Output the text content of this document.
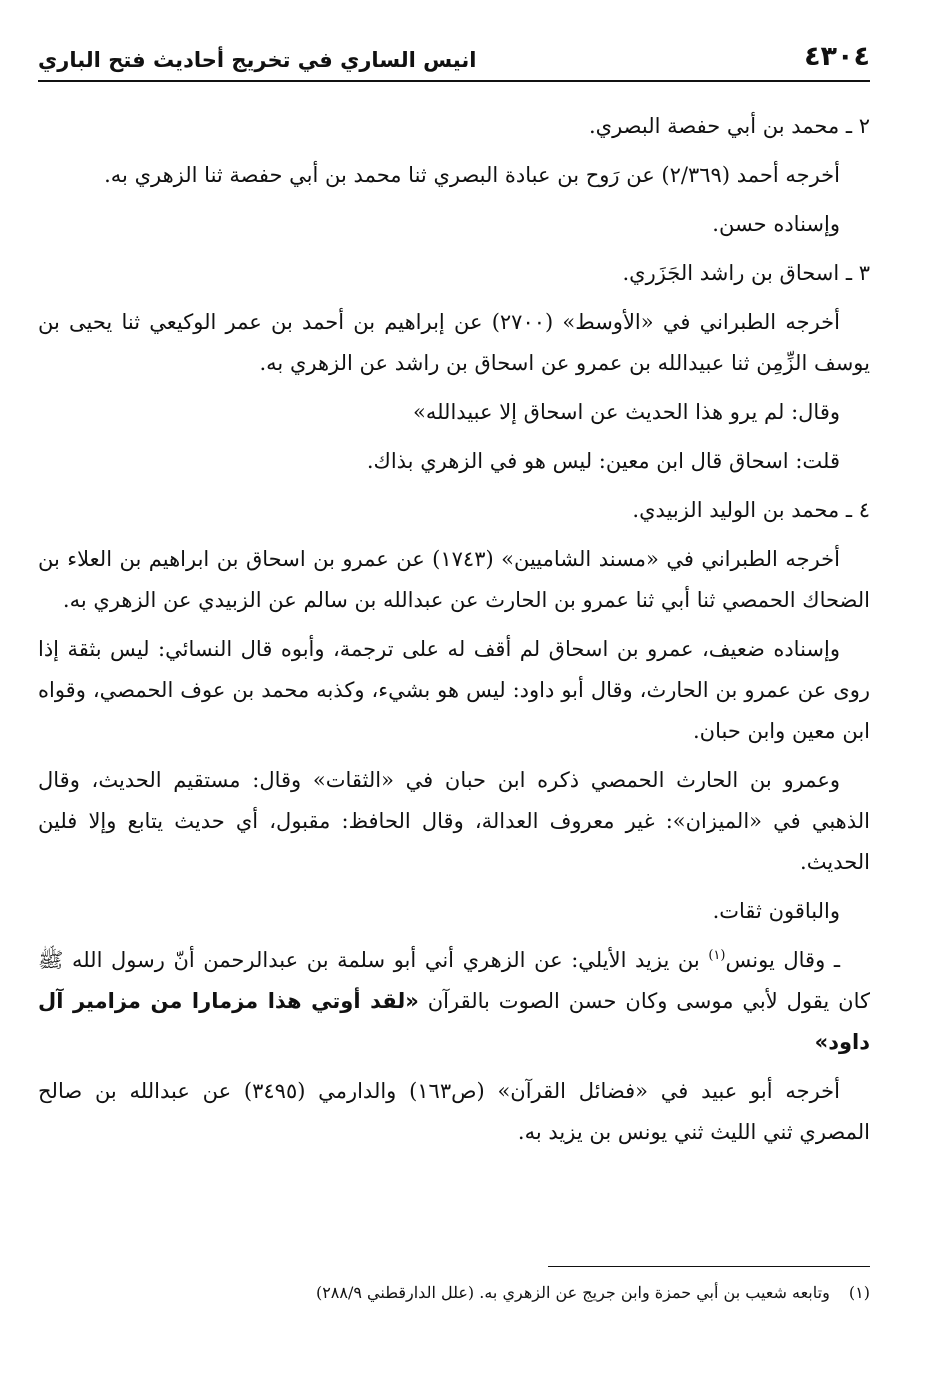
٤٣٠٤
انيس الساري في تخريج أحاديث فتح الباري

٢ ـ محمد بن أبي حفصة البصري.

أخرجه أحمد (٢/٣٦٩) عن رَوح بن عبادة البصري ثنا محمد بن أبي حفصة ثنا الزهري به.

وإسناده حسن.

٣ ـ اسحاق بن راشد الجَزَري.

أخرجه الطبراني في «الأوسط» (٢٧٠٠) عن إبراهيم بن أحمد بن عمر الوكيعي ثنا يحيى بن يوسف الزِّمِن ثنا عبيدالله بن عمرو عن اسحاق بن راشد عن الزهري به.

وقال: لم يرو هذا الحديث عن اسحاق إلا عبيدالله»

قلت: اسحاق قال ابن معين: ليس هو في الزهري بذاك.

٤ ـ محمد بن الوليد الزبيدي.

أخرجه الطبراني في «مسند الشاميين» (١٧٤٣) عن عمرو بن اسحاق بن ابراهيم بن العلاء بن الضحاك الحمصي ثنا أبي ثنا عمرو بن الحارث عن عبدالله بن سالم عن الزبيدي عن الزهري به.

وإسناده ضعيف، عمرو بن اسحاق لم أقف له على ترجمة، وأبوه قال النسائي: ليس بثقة إذا روى عن عمرو بن الحارث، وقال أبو داود: ليس هو بشيء، وكذبه محمد بن عوف الحمصي، وقواه ابن معين وابن حبان.

وعمرو بن الحارث الحمصي ذكره ابن حبان في «الثقات» وقال: مستقيم الحديث، وقال الذهبي في «الميزان»: غير معروف العدالة، وقال الحافظ: مقبول، أي حديث يتابع وإلا فلين الحديث.

والباقون ثقات.

ـ وقال يونس$^{(١)}$ بن يزيد الأيلي: عن الزهري أني أبو سلمة بن عبدالرحمن أنّ رسول الله ﷺ كان يقول لأبي موسى وكان حسن الصوت بالقرآن «لقد أوتي هذا مزمارا من مزامير آل داود»

أخرجه أبو عبيد في «فضائل القرآن» (ص١٦٣) والدارمي (٣٤٩٥) عن عبدالله بن صالح المصري ثني الليث ثني يونس بن يزيد به.

(١) وتابعه شعيب بن أبي حمزة وابن جريج عن الزهري به. (علل الدارقطني ٢٨٨/٩)
